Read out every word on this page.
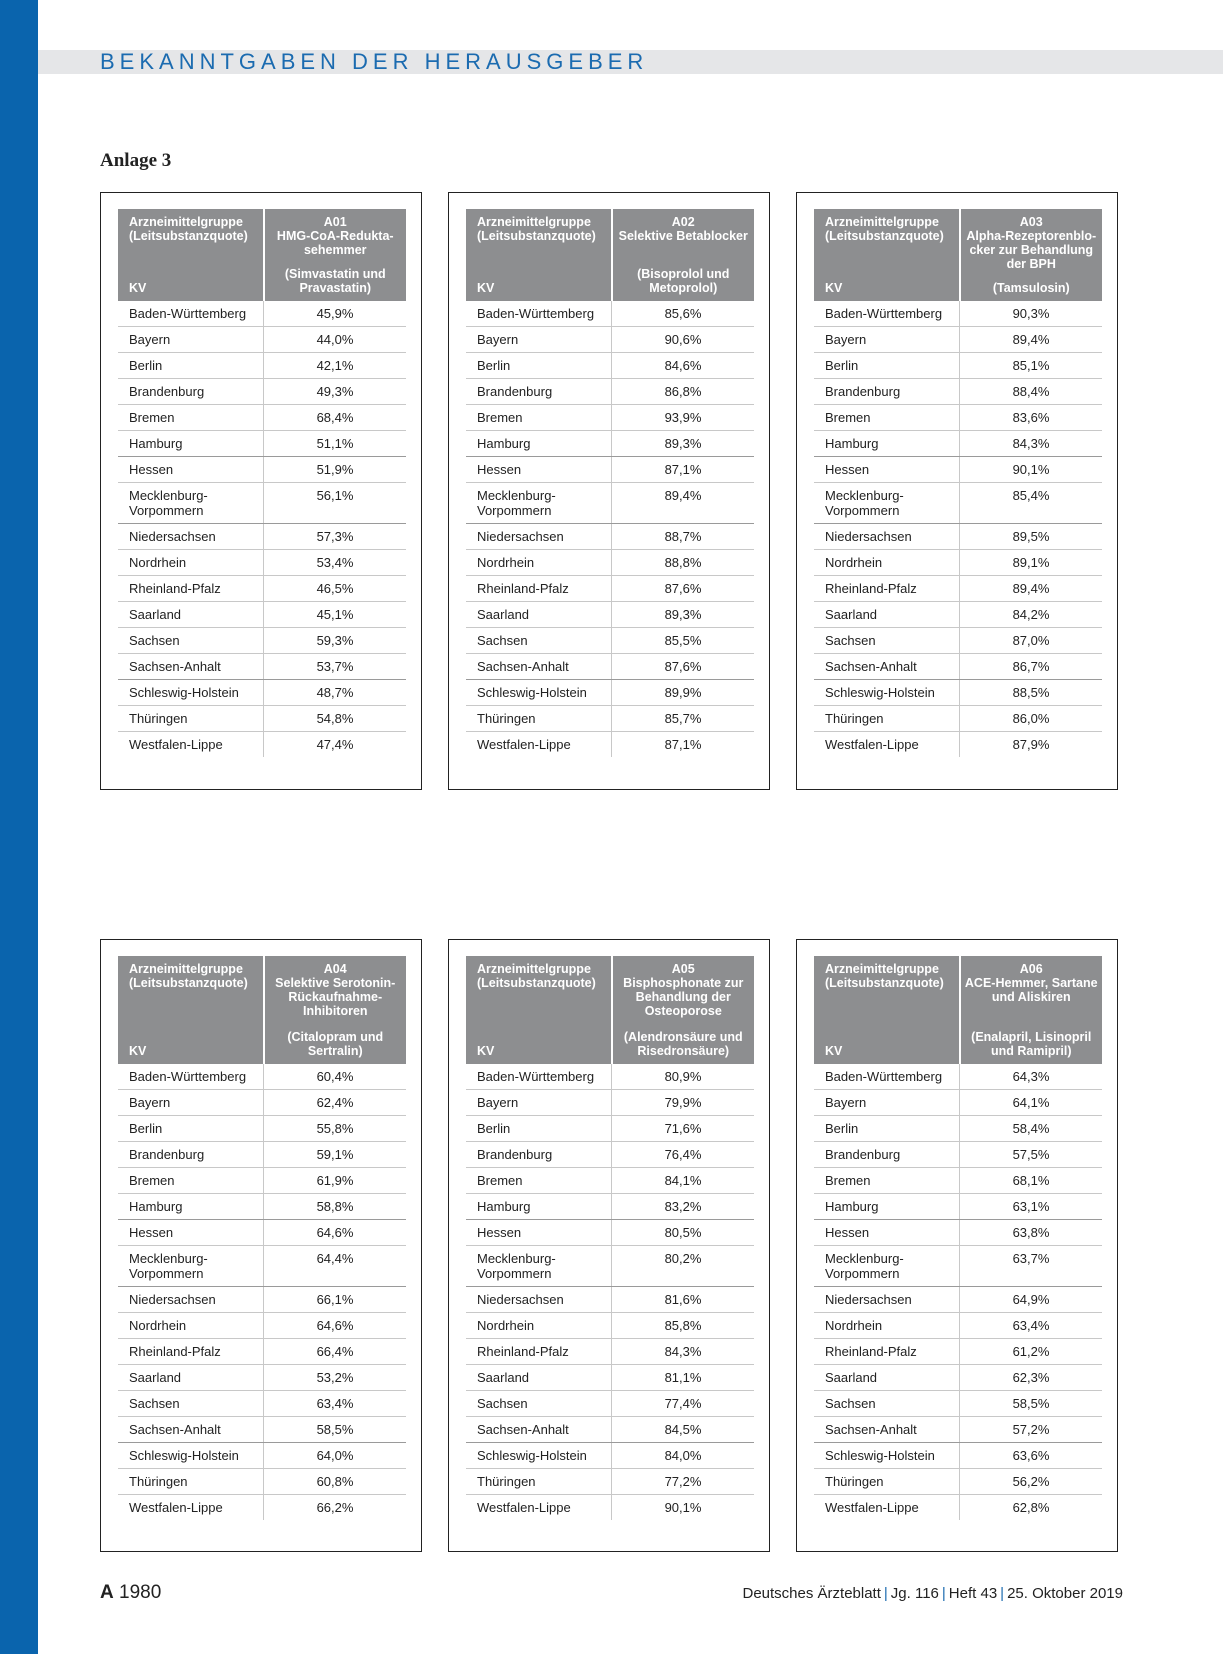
BEKANNTGABEN DER HERAUSGEBER
Anlage 3
Arzneimittelgruppe (Leitsubstanzquote)
KV	A01
HMG-CoA-Redukta-sehemmer
(Simvastatin und Pravastatin)

Baden-Württemberg	45,9%
Bayern	44,0%
Berlin	42,1%
Brandenburg	49,3%
Bremen	68,4%
Hamburg	51,1%
Hessen	51,9%
Mecklenburg-Vorpommern	56,1%
Niedersachsen	57,3%
Nordrhein	53,4%
Rheinland-Pfalz	46,5%
Saarland	45,1%
Sachsen	59,3%
Sachsen-Anhalt	53,7%
Schleswig-Holstein	48,7%
Thüringen	54,8%
Westfalen-Lippe	47,4%
Arzneimittelgruppe (Leitsubstanzquote)
KV	A02
Selektive Betablocker
(Bisoprolol und Metoprolol)

Baden-Württemberg	85,6%
Bayern	90,6%
Berlin	84,6%
Brandenburg	86,8%
Bremen	93,9%
Hamburg	89,3%
Hessen	87,1%
Mecklenburg-Vorpommern	89,4%
Niedersachsen	88,7%
Nordrhein	88,8%
Rheinland-Pfalz	87,6%
Saarland	89,3%
Sachsen	85,5%
Sachsen-Anhalt	87,6%
Schleswig-Holstein	89,9%
Thüringen	85,7%
Westfalen-Lippe	87,1%
Arzneimittelgruppe (Leitsubstanzquote)
KV	A03
Alpha-Rezeptorenblo-cker zur Behandlung der BPH
(Tamsulosin)

Baden-Württemberg	90,3%
Bayern	89,4%
Berlin	85,1%
Brandenburg	88,4%
Bremen	83,6%
Hamburg	84,3%
Hessen	90,1%
Mecklenburg-Vorpommern	85,4%
Niedersachsen	89,5%
Nordrhein	89,1%
Rheinland-Pfalz	89,4%
Saarland	84,2%
Sachsen	87,0%
Sachsen-Anhalt	86,7%
Schleswig-Holstein	88,5%
Thüringen	86,0%
Westfalen-Lippe	87,9%
Arzneimittelgruppe (Leitsubstanzquote)
KV	A04
Selektive Serotonin-Rückaufnahme-Inhibitoren
(Citalopram und Sertralin)

Baden-Württemberg	60,4%
Bayern	62,4%
Berlin	55,8%
Brandenburg	59,1%
Bremen	61,9%
Hamburg	58,8%
Hessen	64,6%
Mecklenburg-Vorpommern	64,4%
Niedersachsen	66,1%
Nordrhein	64,6%
Rheinland-Pfalz	66,4%
Saarland	53,2%
Sachsen	63,4%
Sachsen-Anhalt	58,5%
Schleswig-Holstein	64,0%
Thüringen	60,8%
Westfalen-Lippe	66,2%
Arzneimittelgruppe (Leitsubstanzquote)
KV	A05
Bisphosphonate zur Behandlung der Osteoporose
(Alendronsäure und Risedronsäure)

Baden-Württemberg	80,9%
Bayern	79,9%
Berlin	71,6%
Brandenburg	76,4%
Bremen	84,1%
Hamburg	83,2%
Hessen	80,5%
Mecklenburg-Vorpommern	80,2%
Niedersachsen	81,6%
Nordrhein	85,8%
Rheinland-Pfalz	84,3%
Saarland	81,1%
Sachsen	77,4%
Sachsen-Anhalt	84,5%
Schleswig-Holstein	84,0%
Thüringen	77,2%
Westfalen-Lippe	90,1%
Arzneimittelgruppe (Leitsubstanzquote)
KV	A06
ACE-Hemmer, Sartane und Aliskiren
(Enalapril, Lisinopril und Ramipril)

Baden-Württemberg	64,3%
Bayern	64,1%
Berlin	58,4%
Brandenburg	57,5%
Bremen	68,1%
Hamburg	63,1%
Hessen	63,8%
Mecklenburg-Vorpommern	63,7%
Niedersachsen	64,9%
Nordrhein	63,4%
Rheinland-Pfalz	61,2%
Saarland	62,3%
Sachsen	58,5%
Sachsen-Anhalt	57,2%
Schleswig-Holstein	63,6%
Thüringen	56,2%
Westfalen-Lippe	62,8%
A 1980	Deutsches Ärzteblatt | Jg. 116 | Heft 43 | 25. Oktober 2019
